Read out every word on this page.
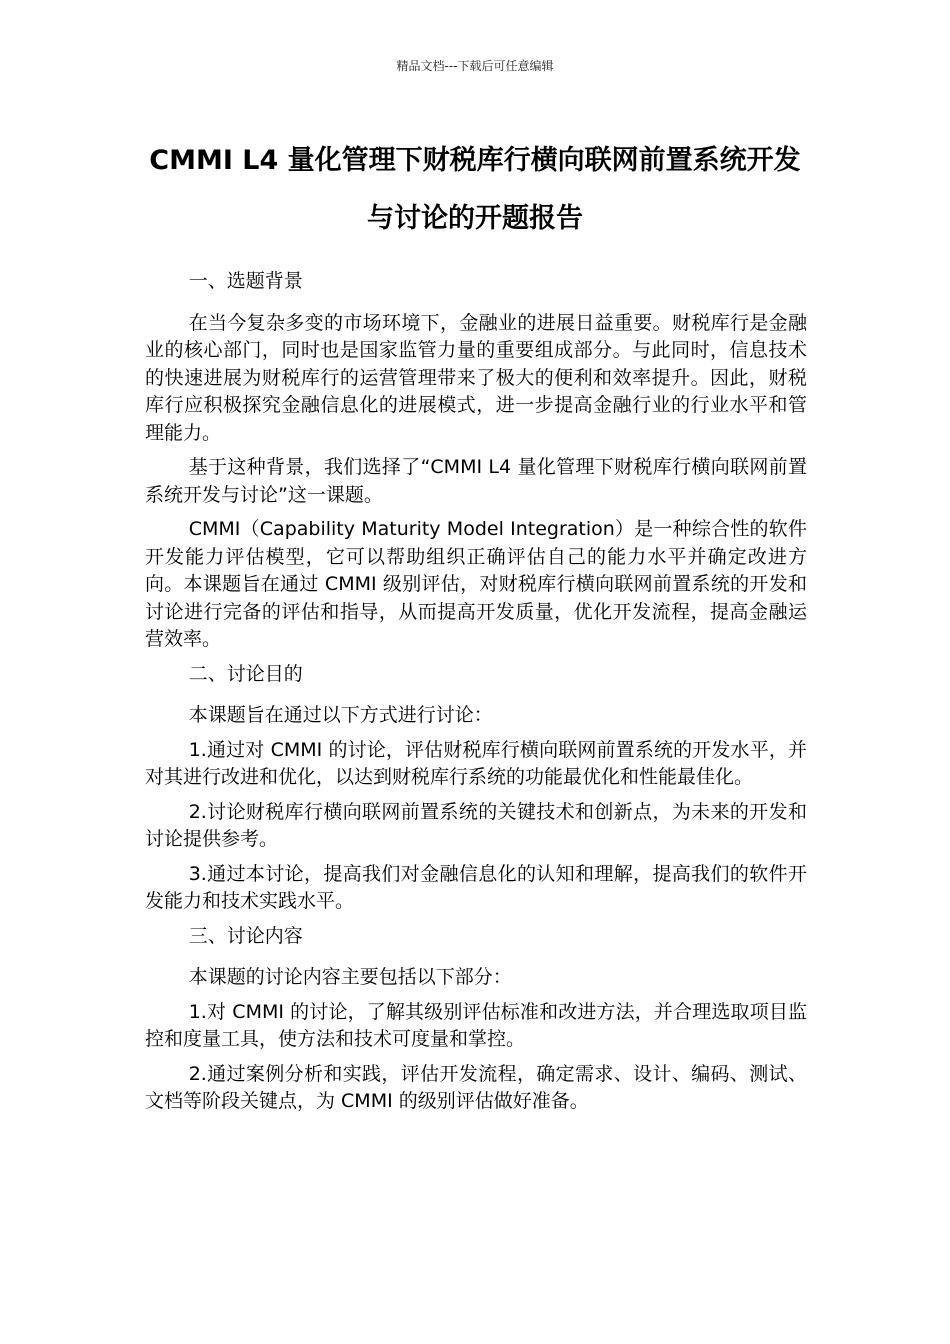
精品文档---下载后可任意编辑
CMMI L4 量化管理下财税库行横向联网前置系统开发与讨论的开题报告

一、选题背景

在当今复杂多变的市场环境下，金融业的进展日益重要。财税库行是金融业的核心部门，同时也是国家监管力量的重要组成部分。与此同时，信息技术的快速进展为财税库行的运营管理带来了极大的便利和效率提升。因此，财税库行应积极探究金融信息化的进展模式，进一步提高金融行业的行业水平和管理能力。

基于这种背景，我们选择了“CMMI L4 量化管理下财税库行横向联网前置系统开发与讨论”这一课题。

CMMI（Capability Maturity Model Integration）是一种综合性的软件开发能力评估模型，它可以帮助组织正确评估自己的能力水平并确定改进方向。本课题旨在通过 CMMI 级别评估，对财税库行横向联网前置系统的开发和讨论进行完备的评估和指导，从而提高开发质量，优化开发流程，提高金融运营效率。

二、讨论目的

本课题旨在通过以下方式进行讨论：

1.通过对 CMMI 的讨论，评估财税库行横向联网前置系统的开发水平，并对其进行改进和优化，以达到财税库行系统的功能最优化和性能最佳化。

2.讨论财税库行横向联网前置系统的关键技术和创新点，为未来的开发和讨论提供参考。

3.通过本讨论，提高我们对金融信息化的认知和理解，提高我们的软件开发能力和技术实践水平。

三、讨论内容

本课题的讨论内容主要包括以下部分：

1.对 CMMI 的讨论，了解其级别评估标准和改进方法，并合理选取项目监控和度量工具，使方法和技术可度量和掌控。

2.通过案例分析和实践，评估开发流程，确定需求、设计、编码、测试、文档等阶段关键点，为 CMMI 的级别评估做好准备。
